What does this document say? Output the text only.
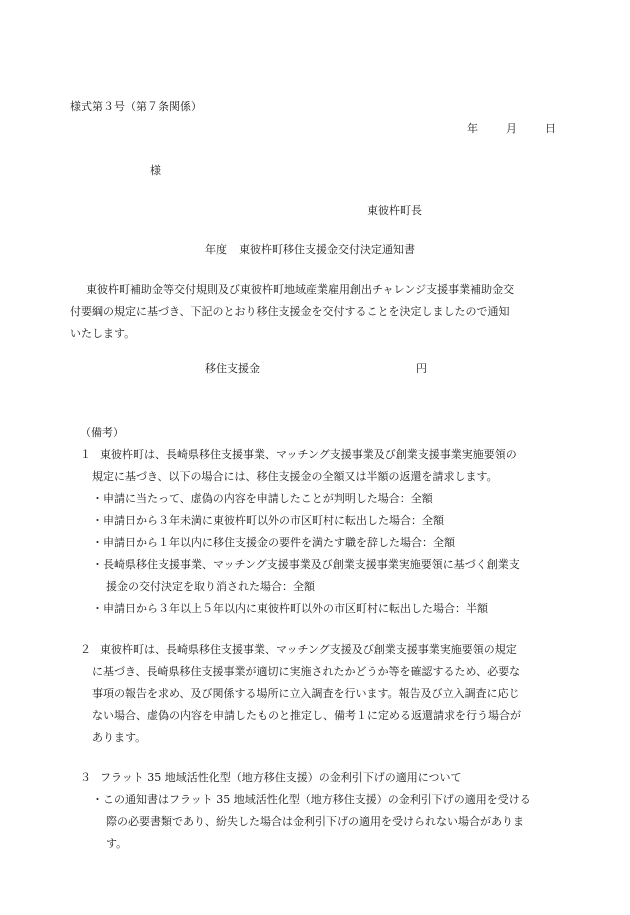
様式第３号（第７条関係）
年	月	日
様
東彼杵町長
年度 東彼杵町移住支援金交付決定通知書
東彼杵町補助金等交付規則及び東彼杵町地域産業雇用創出チャレンジ支援事業補助金交
付要綱の規定に基づき、下記のとおり移住支援金を交付することを決定しましたので通知
いたします。
移住支援金	円
（備考）
１ 東彼杵町は、長崎県移住支援事業、マッチング支援事業及び創業支援事業実施要領の
規定に基づき、以下の場合には、移住支援金の全額又は半額の返還を請求します。
・申請に当たって、虚偽の内容を申請したことが判明した場合：全額
・申請日から３年未満に東彼杵町以外の市区町村に転出した場合：全額
・申請日から１年以内に移住支援金の要件を満たす職を辞した場合：全額
・長崎県移住支援事業、マッチング支援事業及び創業支援事業実施要領に基づく創業支
援金の交付決定を取り消された場合：全額
・申請日から３年以上５年以内に東彼杵町以外の市区町村に転出した場合：半額
２ 東彼杵町は、長崎県移住支援事業、マッチング支援及び創業支援事業実施要領の規定
に基づき、長崎県移住支援事業が適切に実施されたかどうか等を確認するため、必要な
事項の報告を求め、及び関係する場所に立入調査を行います。報告及び立入調査に応じ
ない場合、虚偽の内容を申請したものと推定し、備考１に定める返還請求を行う場合が
あります。
３ フラット 35 地域活性化型（地方移住支援）の金利引下げの適用について
・この通知書はフラット 35 地域活性化型（地方移住支援）の金利引下げの適用を受ける
際の必要書類であり、紛失した場合は金利引下げの適用を受けられない場合がありま
す。
